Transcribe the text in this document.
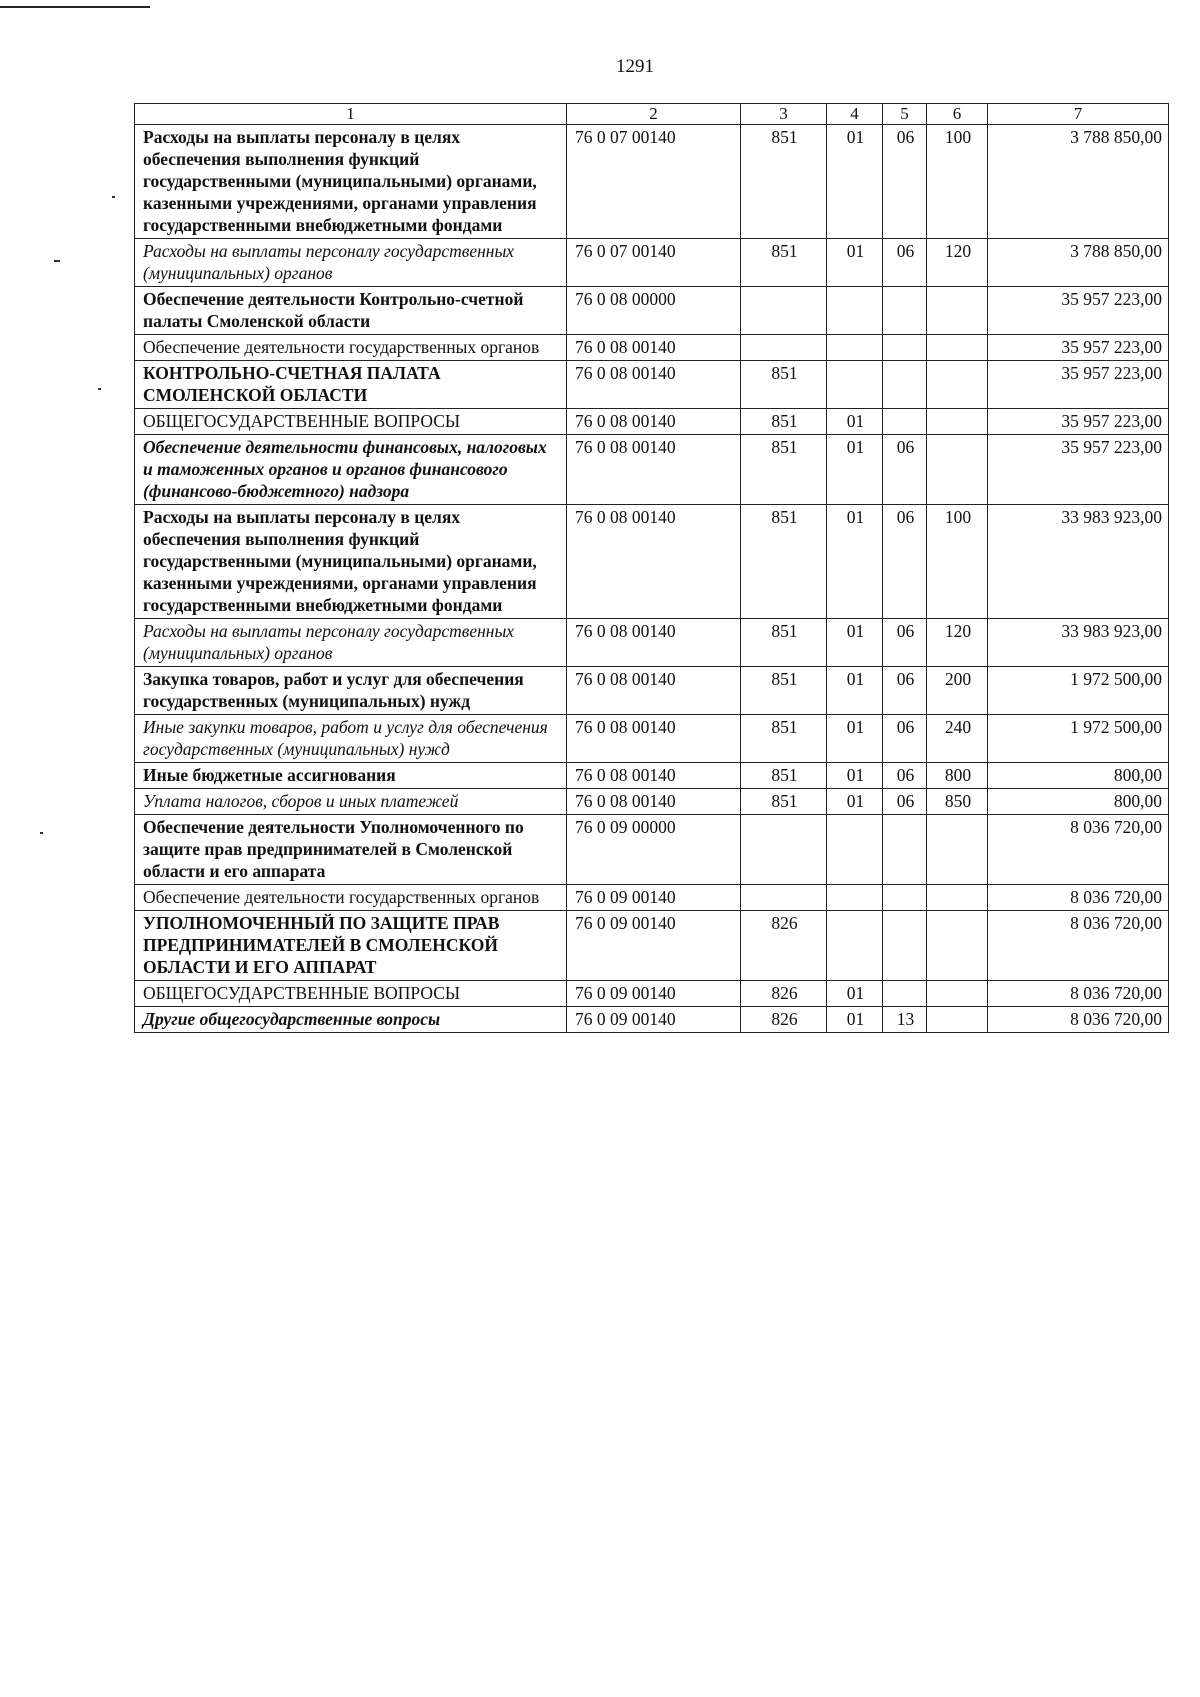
1291
1	2	3	4	5	6	7
Расходы на выплаты персоналу в целях обеспечения выполнения функций государственными (муниципальными) органами, казенными учреждениями, органами управления государственными внебюджетными фондами	76 0 07 00140	851	01	06	100	3 788 850,00
Расходы на выплаты персоналу государственных (муниципальных) органов	76 0 07 00140	851	01	06	120	3 788 850,00
Обеспечение деятельности Контрольно-счетной палаты Смоленской области	76 0 08 00000					35 957 223,00
Обеспечение деятельности государственных органов	76 0 08 00140					35 957 223,00
КОНТРОЛЬНО-СЧЕТНАЯ ПАЛАТА СМОЛЕНСКОЙ ОБЛАСТИ	76 0 08 00140	851				35 957 223,00
ОБЩЕГОСУДАРСТВЕННЫЕ ВОПРОСЫ	76 0 08 00140	851	01			35 957 223,00
Обеспечение деятельности финансовых, налоговых и таможенных органов и органов финансового (финансово-бюджетного) надзора	76 0 08 00140	851	01	06		35 957 223,00
Расходы на выплаты персоналу в целях обеспечения выполнения функций государственными (муниципальными) органами, казенными учреждениями, органами управления государственными внебюджетными фондами	76 0 08 00140	851	01	06	100	33 983 923,00
Расходы на выплаты персоналу государственных (муниципальных) органов	76 0 08 00140	851	01	06	120	33 983 923,00
Закупка товаров, работ и услуг для обеспечения государственных (муниципальных) нужд	76 0 08 00140	851	01	06	200	1 972 500,00
Иные закупки товаров, работ и услуг для обеспечения государственных (муниципальных) нужд	76 0 08 00140	851	01	06	240	1 972 500,00
Иные бюджетные ассигнования	76 0 08 00140	851	01	06	800	800,00
Уплата налогов, сборов и иных платежей	76 0 08 00140	851	01	06	850	800,00
Обеспечение деятельности Уполномоченного по защите прав предпринимателей в Смоленской области и его аппарата	76 0 09 00000					8 036 720,00
Обеспечение деятельности государственных органов	76 0 09 00140					8 036 720,00
УПОЛНОМОЧЕННЫЙ ПО ЗАЩИТЕ ПРАВ ПРЕДПРИНИМАТЕЛЕЙ В СМОЛЕНСКОЙ ОБЛАСТИ И ЕГО АППАРАТ	76 0 09 00140	826				8 036 720,00
ОБЩЕГОСУДАРСТВЕННЫЕ ВОПРОСЫ	76 0 09 00140	826	01			8 036 720,00
Другие общегосударственные вопросы	76 0 09 00140	826	01	13		8 036 720,00
